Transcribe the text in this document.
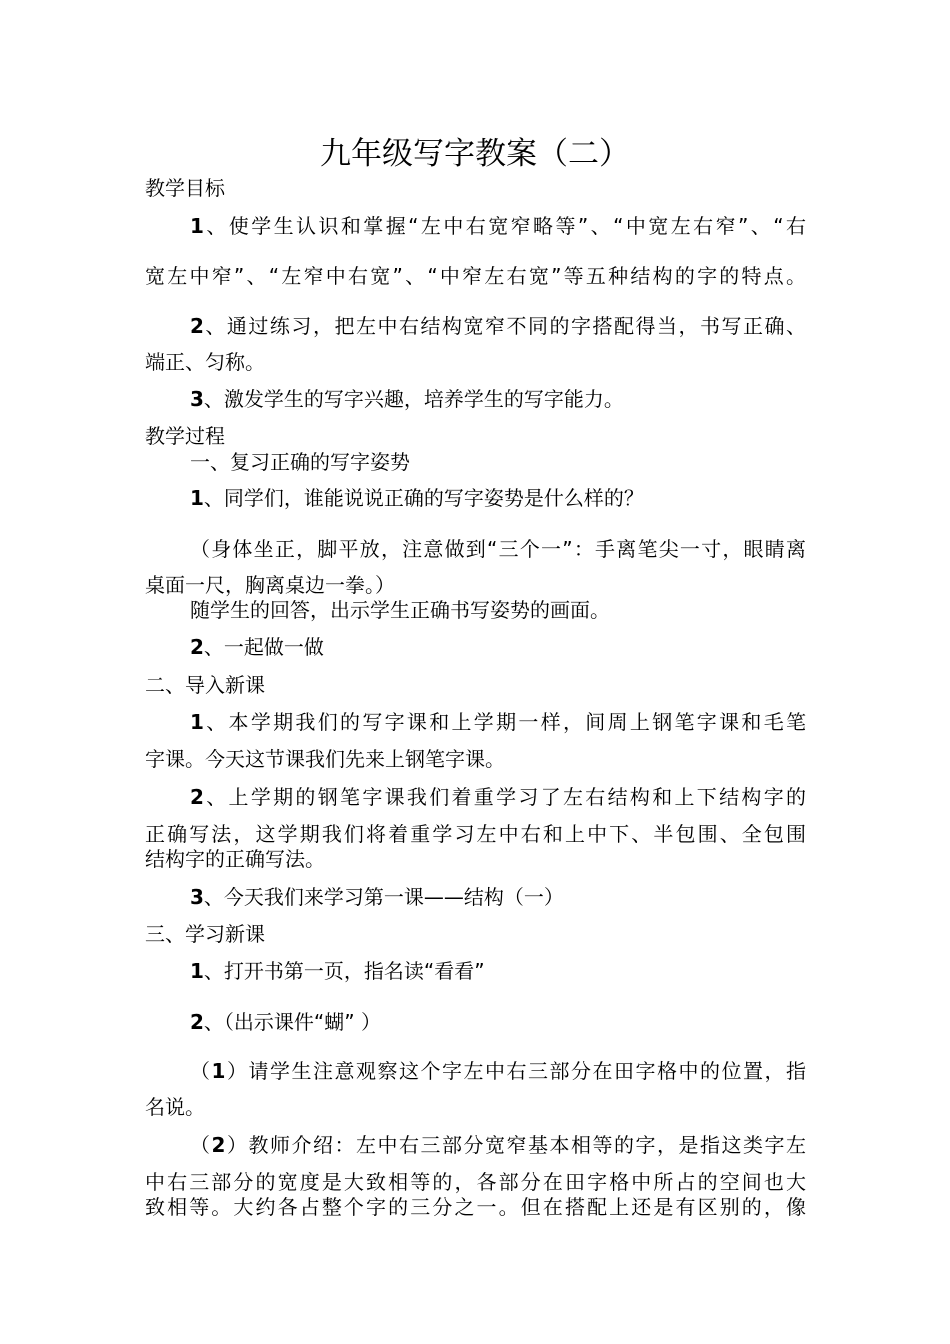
九年级写字教案（二）
教学目标
1、使学生认识和掌握“左中右宽窄略等”、“中宽左右窄”、“右
宽左中窄”、“左窄中右宽”、“中窄左右宽”等五种结构的字的特点。
2、通过练习，把左中右结构宽窄不同的字搭配得当，书写正确、
端正、匀称。
3、激发学生的写字兴趣，培养学生的写字能力。
教学过程
一、复习正确的写字姿势
1、同学们，谁能说说正确的写字姿势是什么样的？
（身体坐正，脚平放，注意做到“三个一”：手离笔尖一寸，眼睛离
桌面一尺，胸离桌边一拳。）
随学生的回答，出示学生正确书写姿势的画面。
2、一起做一做
二、导入新课
1、本学期我们的写字课和上学期一样，间周上钢笔字课和毛笔
字课。今天这节课我们先来上钢笔字课。
2、上学期的钢笔字课我们着重学习了左右结构和上下结构字的
正确写法，这学期我们将着重学习左中右和上中下、半包围、全包围
结构字的正确写法。
3、今天我们来学习第一课——结构（一）
三、学习新课
1、打开书第一页，指名读“看看”
2、（出示课件“蝴” ）
（1）请学生注意观察这个字左中右三部分在田字格中的位置，指
名说。
（2）教师介绍：左中右三部分宽窄基本相等的字，是指这类字左
中右三部分的宽度是大致相等的，各部分在田字格中所占的空间也大
致相等。大约各占整个字的三分之一。但在搭配上还是有区别的，像
